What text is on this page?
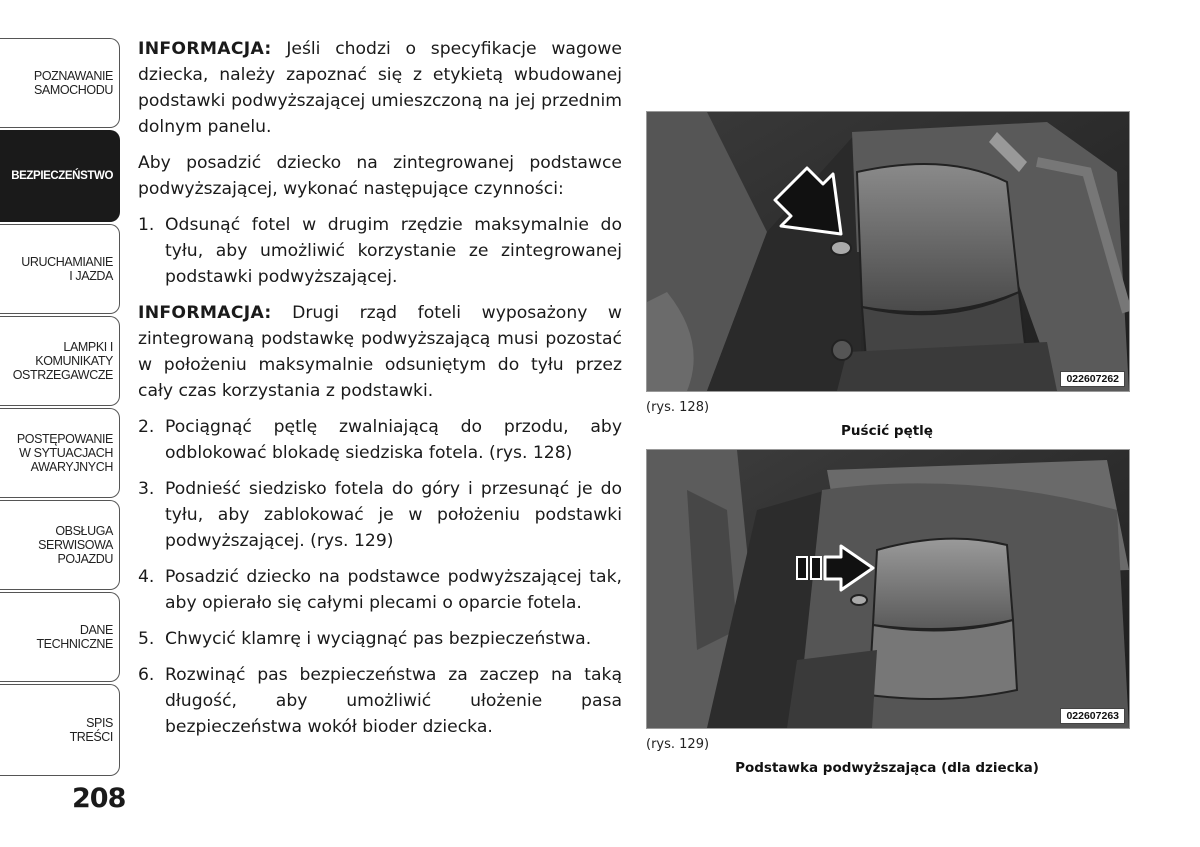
POZNAWANIE
SAMOCHODU
BEZPIECZEŃSTWO
URUCHAMIANIE
I JAZDA
LAMPKI I
KOMUNIKATY
OSTRZEGAWCZE
POSTĘPOWANIE
W SYTUACJACH
AWARYJNYCH
OBSŁUGA
SERWISOWA
POJAZDU
DANE
TECHNICZNE
SPIS
TREŚCI
208

INFORMACJA: Jeśli chodzi o specyfikacje wagowe dziecka, należy zapoznać się z etykietą wbudowanej podstawki podwyższającej umieszczoną na jej przednim dolnym panelu.

Aby posadzić dziecko na zintegrowanej podstawce podwyższającej, wykonać następujące czynności:

1. Odsunąć fotel w drugim rzędzie maksymalnie do tyłu, aby umożliwić korzystanie ze zintegrowanej podstawki podwyższającej.

INFORMACJA: Drugi rząd foteli wyposażony w zintegrowaną podstawkę podwyższającą musi pozostać w położeniu maksymalnie odsuniętym do tyłu przez cały czas korzystania z podstawki.

2. Pociągnąć pętlę zwalniającą do przodu, aby odblokować blokadę siedziska fotela. (rys. 128)
3. Podnieść siedzisko fotela do góry i przesunąć je do tyłu, aby zablokować je w położeniu podstawki podwyższającej. (rys. 129)
4. Posadzić dziecko na podstawce podwyższającej tak, aby opierało się całymi plecami o oparcie fotela.
5. Chwycić klamrę i wyciągnąć pas bezpieczeństwa.
6. Rozwinąć pas bezpieczeństwa za zaczep na taką długość, aby umożliwić ułożenie pasa bezpieczeństwa wokół bioder dziecka.
022607262
(rys. 128)
Puścić pętlę
022607263
(rys. 129)
Podstawka podwyższająca (dla dziecka)
